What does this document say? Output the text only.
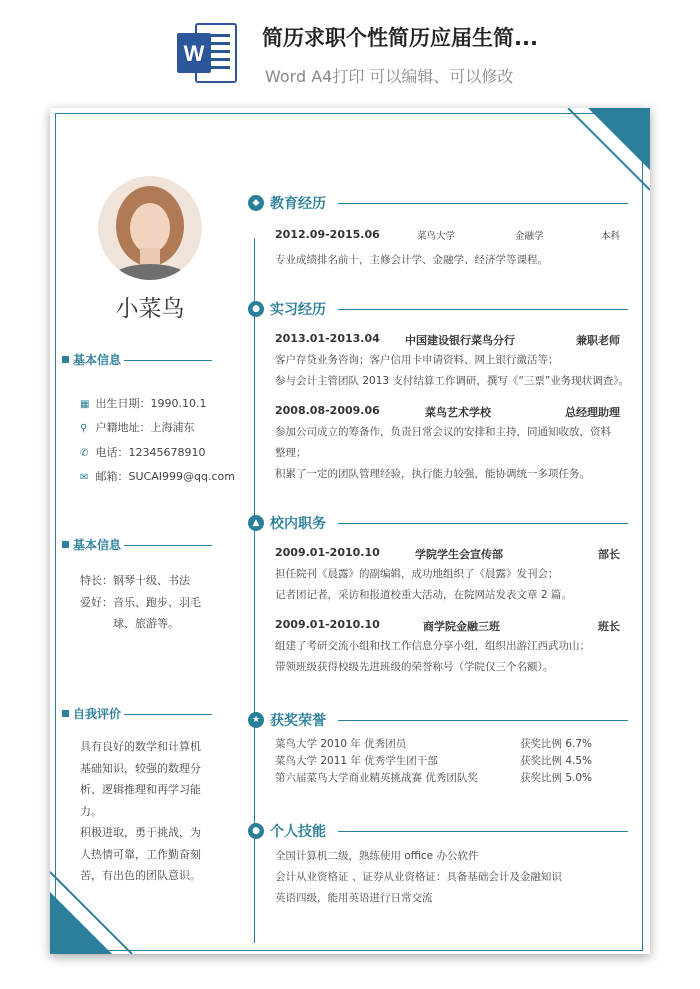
W
简历求职个性简历应届生简...
Word A4打印 可以编辑、可以修改
小菜鸟
基本信息
▦ 出生日期：1990.10.1
⚲ 户籍地址：上海浦东
✆ 电话：12345678910
✉ 邮箱：SUCAI999@qq.com
基本信息
特长：钢琴十级、书法
爱好：音乐、跑步、羽毛
球、旅游等。
自我评价
具有良好的数学和计算机
基础知识，较强的数理分
析、逻辑推理和再学习能
力。
积极进取，勇于挑战，为
人热情可靠，工作勤奋刻
苦，有出色的团队意识。
◆ 教育经历
2012.09-2015.06	菜鸟大学	金融学	本科
专业成绩排名前十，主修会计学、金融学、经济学等课程。
● 实习经历
2013.01-2013.04 中国建设银行菜鸟分行	兼职老师
客户存贷业务咨询；客户信用卡申请资料、网上银行激活等；
参与会计主管团队 2013 支付结算工作调研，撰写《“三票”业务现状调查》。
2008.08-2009.06	菜鸟艺术学校	总经理助理
参加公司成立的筹备作，负责日常会议的安排和主持，同通知收放，资料
整理；
积累了一定的团队管理经验，执行能力较强，能协调统一多项任务。
▲ 校内职务
2009.01-2010.10	学院学生会宣传部	部长
担任院刊《晨露》的副编辑，成功地组织了《晨露》发刊会；
记者团记者，采访和报道校重大活动，在院网站发表文章 2 篇。
2009.01-2010.10	商学院金融三班	班长
组建了考研交流小组和找工作信息分享小组，组织出游江西武功山；
带领班级获得校级先进班级的荣誉称号（学院仅三个名额）。
★ 获奖荣誉
菜鸟大学 2010 年 优秀团员	获奖比例 6.7%
菜鸟大学 2011 年 优秀学生团干部	获奖比例 4.5%
第六届菜鸟大学商业精英挑战赛 优秀团队奖	获奖比例 5.0%
● 个人技能
全国计算机二级，熟练使用 office 办公软件
会计从业资格证 、证券从业资格证：具备基础会计及金融知识
英语四级，能用英语进行日常交流
